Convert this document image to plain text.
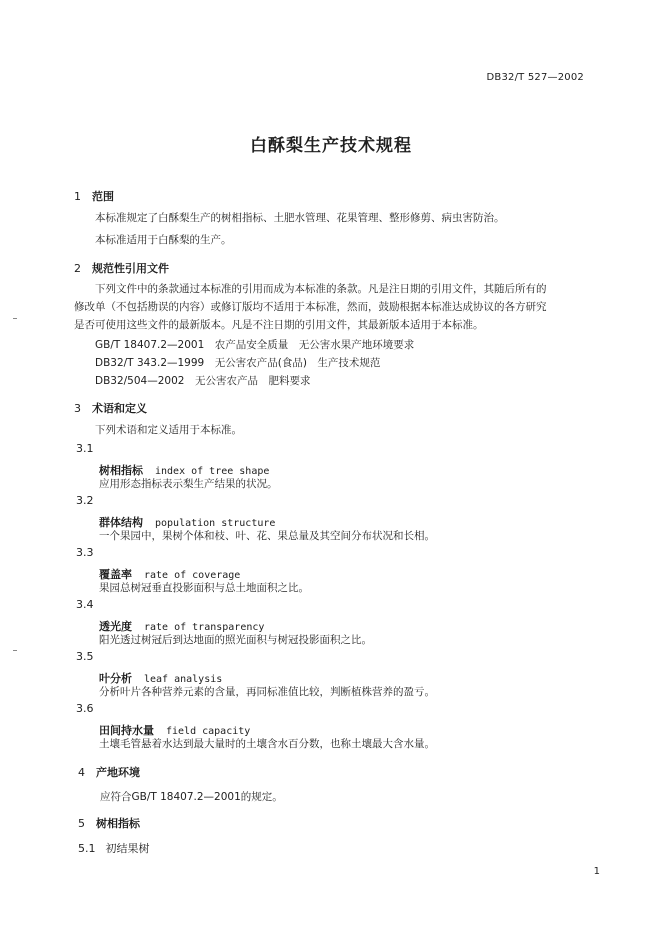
DB32/T 527—2002
白酥梨生产技术规程
1 范围
本标准规定了白酥梨生产的树相指标、土肥水管理、花果管理、整形修剪、病虫害防治。
本标准适用于白酥梨的生产。
2 规范性引用文件
下列文件中的条款通过本标准的引用而成为本标准的条款。凡是注日期的引用文件，其随后所有的
修改单（不包括勘误的内容）或修订版均不适用于本标准，然而，鼓励根据本标准达成协议的各方研究
是否可使用这些文件的最新版本。凡是不注日期的引用文件，其最新版本适用于本标准。
GB/T 18407.2—2001　农产品安全质量　无公害水果产地环境要求
DB32/T 343.2—1999　无公害农产品(食品)　生产技术规范
DB32/504—2002　无公害农产品　肥料要求
3 术语和定义
下列术语和定义适用于本标准。
3.1
树相指标 index of tree shape
应用形态指标表示梨生产结果的状况。
3.2
群体结构 population structure
一个果园中，果树个体和枝、叶、花、果总量及其空间分布状况和长相。
3.3
覆盖率 rate of coverage
果园总树冠垂直投影面积与总土地面积之比。
3.4
透光度 rate of transparency
阳光透过树冠后到达地面的照光面积与树冠投影面积之比。
3.5
叶分析 leaf analysis
分析叶片各种营养元素的含量，再同标准值比较，判断植株营养的盈亏。
3.6
田间持水量 field capacity
土壤毛管悬着水达到最大量时的土壤含水百分数，也称土壤最大含水量。
4 产地环境
应符合GB/T 18407.2—2001的规定。
5 树相指标
5.1 初结果树
1
